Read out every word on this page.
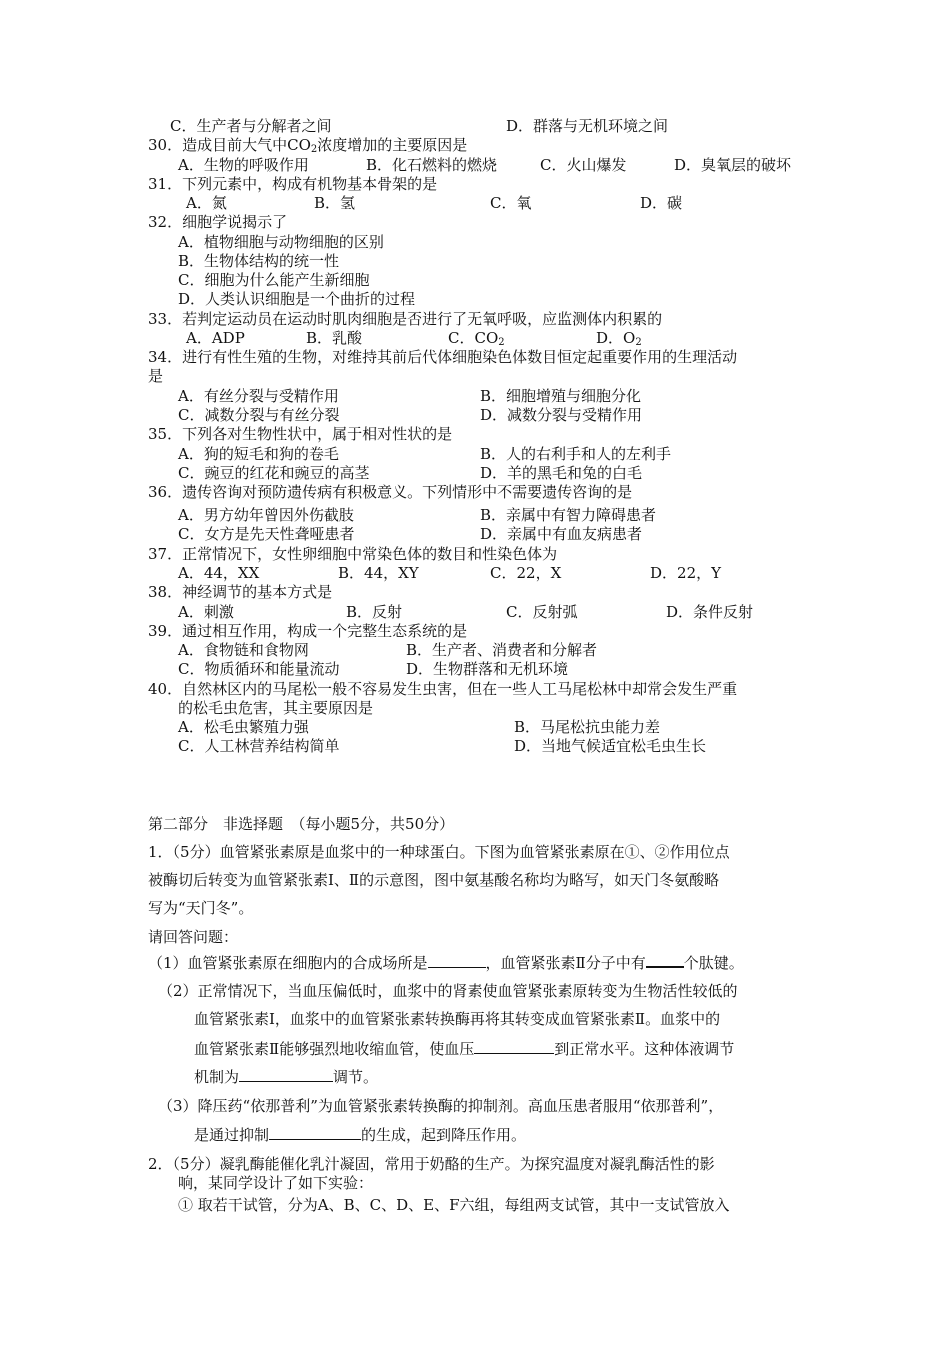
C．生产者与分解者之间	D．群落与无机环境之间
30．造成目前大气中$CO_2$浓度增加的主要原因是
A．生物的呼吸作用	B．化石燃料的燃烧	C．火山爆发	D．臭氧层的破坏
31．下列元素中，构成有机物基本骨架的是
A．氮	B．氢	C．氧	D．碳
32．细胞学说揭示了
A．植物细胞与动物细胞的区别
B．生物体结构的统一性
C．细胞为什么能产生新细胞
D．人类认识细胞是一个曲折的过程
33．若判定运动员在运动时肌肉细胞是否进行了无氧呼吸，应监测体内积累的
A．ADP	B．乳酸	C．$CO_2$	D．$O_2$
34．进行有性生殖的生物，对维持其前后代体细胞染色体数目恒定起重要作用的生理活动
是
A．有丝分裂与受精作用	B．细胞增殖与细胞分化
C．减数分裂与有丝分裂	D．减数分裂与受精作用
35．下列各对生物性状中，属于相对性状的是
A．狗的短毛和狗的卷毛	B．人的右利手和人的左利手
C．豌豆的红花和豌豆的高茎	D．羊的黑毛和兔的白毛
36．遗传咨询对预防遗传病有积极意义。下列情形中不需要遗传咨询的是
A．男方幼年曾因外伤截肢	B．亲属中有智力障碍患者
C．女方是先天性聋哑患者	D．亲属中有血友病患者
37．正常情况下，女性卵细胞中常染色体的数目和性染色体为
A．44，XX	B．44，XY	C．22，X	D．22，Y
38．神经调节的基本方式是
A．刺激	B．反射	C．反射弧	D．条件反射
39．通过相互作用，构成一个完整生态系统的是
A．食物链和食物网	B．生产者、消费者和分解者
C．物质循环和能量流动	D．生物群落和无机环境
40．自然林区内的马尾松一般不容易发生虫害，但在一些人工马尾松林中却常会发生严重
的松毛虫危害，其主要原因是
A．松毛虫繁殖力强	B．马尾松抗虫能力差
C．人工林营养结构简单	D．当地气候适宜松毛虫生长
第二部分　非选择题　（每小题5分，共50分）
1．（5分）血管紧张素原是血浆中的一种球蛋白。下图为血管紧张素原在①、②作用位点
被酶切后转变为血管紧张素Ⅰ、Ⅱ的示意图，图中氨基酸名称均为略写，如天门冬氨酸略
写为“天门冬”。
请回答问题：
（1）血管紧张素原在细胞内的合成场所是	，血管紧张素Ⅱ分子中有	个肽键。
（2）正常情况下，当血压偏低时，血浆中的肾素使血管紧张素原转变为生物活性较低的
血管紧张素Ⅰ，血浆中的血管紧张素转换酶再将其转变成血管紧张素Ⅱ。血浆中的
血管紧张素Ⅱ能够强烈地收缩血管，使血压	到正常水平。这种体液调节
机制为	调节。
（3）降压药“依那普利”为血管紧张素转换酶的抑制剂。高血压患者服用“依那普利”，
是通过抑制	的生成，起到降压作用。
2．（5分）凝乳酶能催化乳汁凝固，常用于奶酪的生产。为探究温度对凝乳酶活性的影
响，某同学设计了如下实验：
① 取若干试管，分为A、B、C、D、E、F六组，每组两支试管，其中一支试管放入
